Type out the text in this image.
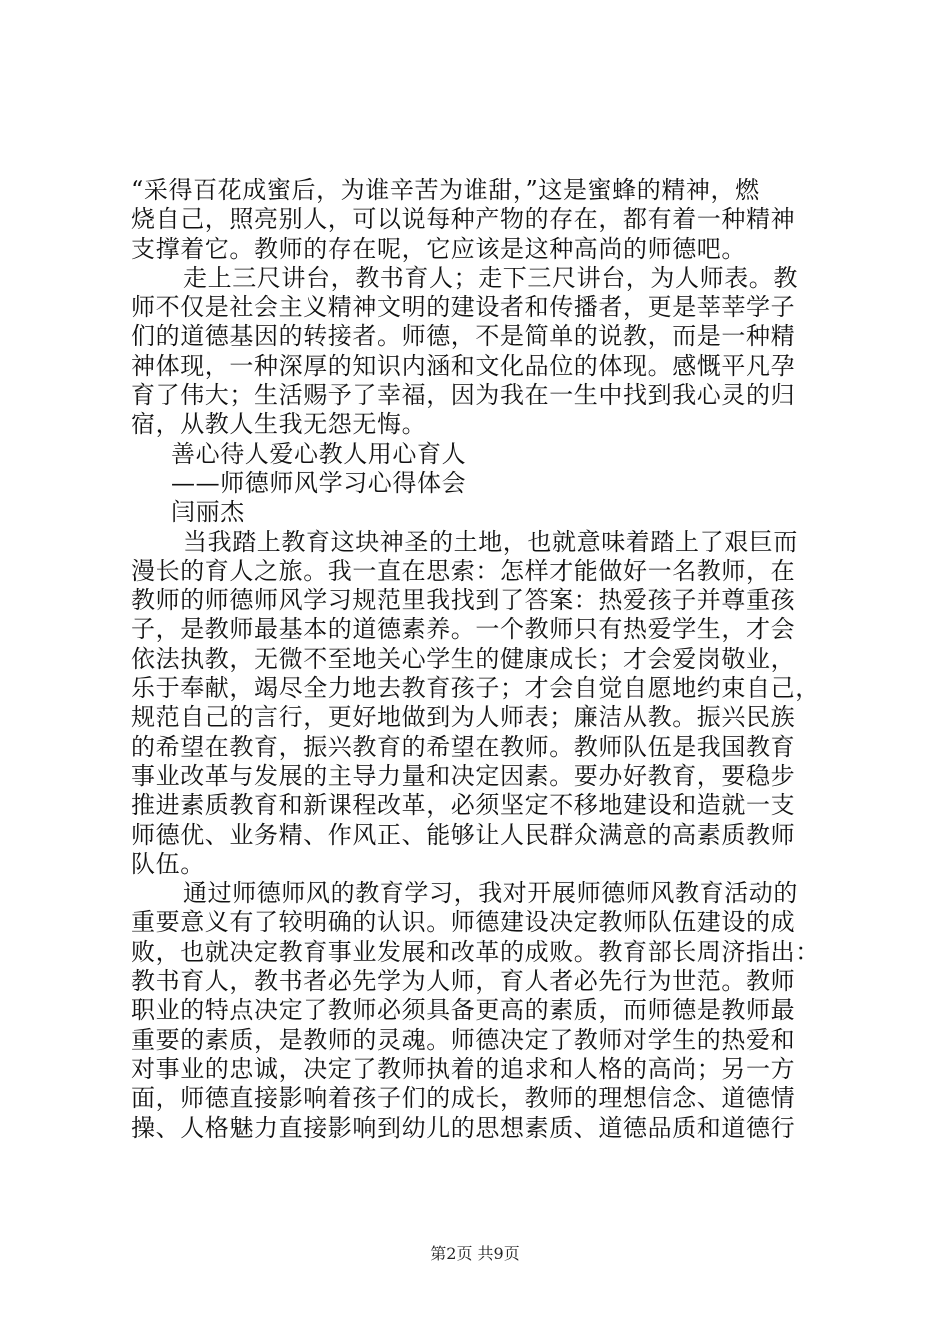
“采得百花成蜜后，为谁辛苦为谁甜，”这是蜜蜂的精神，燃
烧自己，照亮别人，可以说每种产物的存在，都有着一种精神
支撑着它。教师的存在呢，它应该是这种高尚的师德吧。
走上三尺讲台，教书育人；走下三尺讲台，为人师表。教
师不仅是社会主义精神文明的建设者和传播者，更是莘莘学子
们的道德基因的转接者。师德，不是简单的说教，而是一种精
神体现，一种深厚的知识内涵和文化品位的体现。感慨平凡孕
育了伟大；生活赐予了幸福，因为我在一生中找到我心灵的归
宿，从教人生我无怨无悔。
善心待人爱心教人用心育人
——师德师风学习心得体会
闫丽杰
当我踏上教育这块神圣的土地，也就意味着踏上了艰巨而
漫长的育人之旅。我一直在思索：怎样才能做好一名教师，在
教师的师德师风学习规范里我找到了答案：热爱孩子并尊重孩
子，是教师最基本的道德素养。一个教师只有热爱学生，才会
依法执教，无微不至地关心学生的健康成长；才会爱岗敬业，
乐于奉献，竭尽全力地去教育孩子；才会自觉自愿地约束自己，
规范自己的言行，更好地做到为人师表；廉洁从教。振兴民族
的希望在教育，振兴教育的希望在教师。教师队伍是我国教育
事业改革与发展的主导力量和决定因素。要办好教育，要稳步
推进素质教育和新课程改革，必须坚定不移地建设和造就一支
师德优、业务精、作风正、能够让人民群众满意的高素质教师
队伍。
通过师德师风的教育学习，我对开展师德师风教育活动的
重要意义有了较明确的认识。师德建设决定教师队伍建设的成
败，也就决定教育事业发展和改革的成败。教育部长周济指出：
教书育人，教书者必先学为人师，育人者必先行为世范。教师
职业的特点决定了教师必须具备更高的素质，而师德是教师最
重要的素质，是教师的灵魂。师德决定了教师对学生的热爱和
对事业的忠诚，决定了教师执着的追求和人格的高尚；另一方
面，师德直接影响着孩子们的成长，教师的理想信念、道德情
操、人格魅力直接影响到幼儿的思想素质、道德品质和道德行
第2页 共9页
